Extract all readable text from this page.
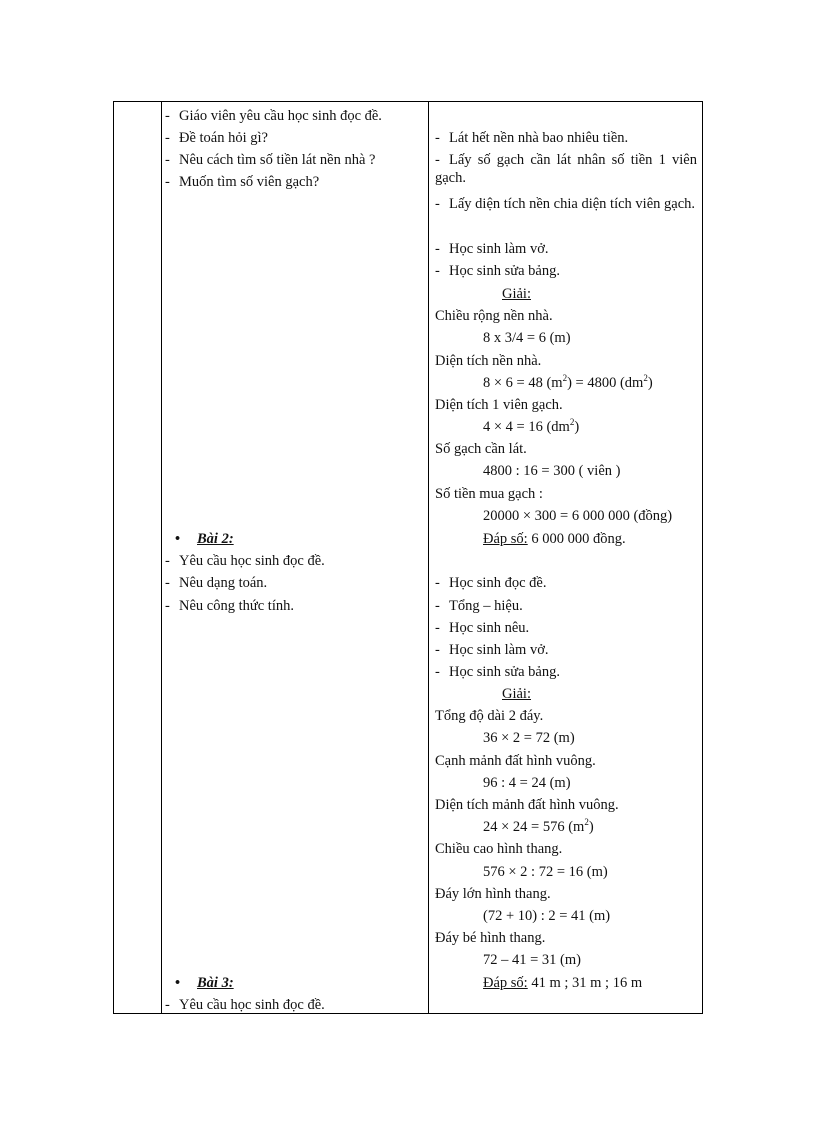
- Giáo viên yêu cầu học sinh đọc đề.
- Đề toán hỏi gì?
- Nêu cách tìm số tiền lát nền nhà ?
- Muốn tìm số viên gạch?
• Bài 2:
- Yêu cầu học sinh đọc đề.
- Nêu dạng toán.
- Nêu công thức tính.
• Bài 3:
- Yêu cầu học sinh đọc đề.
- Lát hết nền nhà bao nhiêu tiền.
- Lấy số gạch cần lát nhân số tiền 1 viên gạch.
- Lấy diện tích nền chia diện tích viên gạch.
- Học sinh làm vở.
- Học sinh sửa bảng.
Giải:
Chiều rộng nền nhà.
8 x 3/4 = 6 (m)
Diện tích nền nhà.
8 × 6 = 48 $(m^2) = 4800$ $(dm^2)$
Diện tích 1 viên gạch.
4 × 4 = 16 $(dm^2)$
Số gạch cần lát.
4800 : 16 = 300 ( viên )
Số tiền mua gạch :
20000 × 300 = 6 000 000 (đồng)
Đáp số: 6 000 000 đồng.
- Học sinh đọc đề.
- Tổng – hiệu.
- Học sinh nêu.
- Học sinh làm vở.
- Học sinh sửa bảng.
Giải:
Tổng độ dài 2 đáy.
36 × 2 = 72 (m)
Cạnh mảnh đất hình vuông.
96 : 4 = 24 (m)
Diện tích mảnh đất hình vuông.
24 × 24 = 576 $(m^2)$
Chiều cao hình thang.
576 × 2 : 72 = 16 (m)
Đáy lớn hình thang.
(72 + 10) : 2 = 41 (m)
Đáy bé hình thang.
72 – 41 = 31 (m)
Đáp số: 41 m ; 31 m ; 16 m
